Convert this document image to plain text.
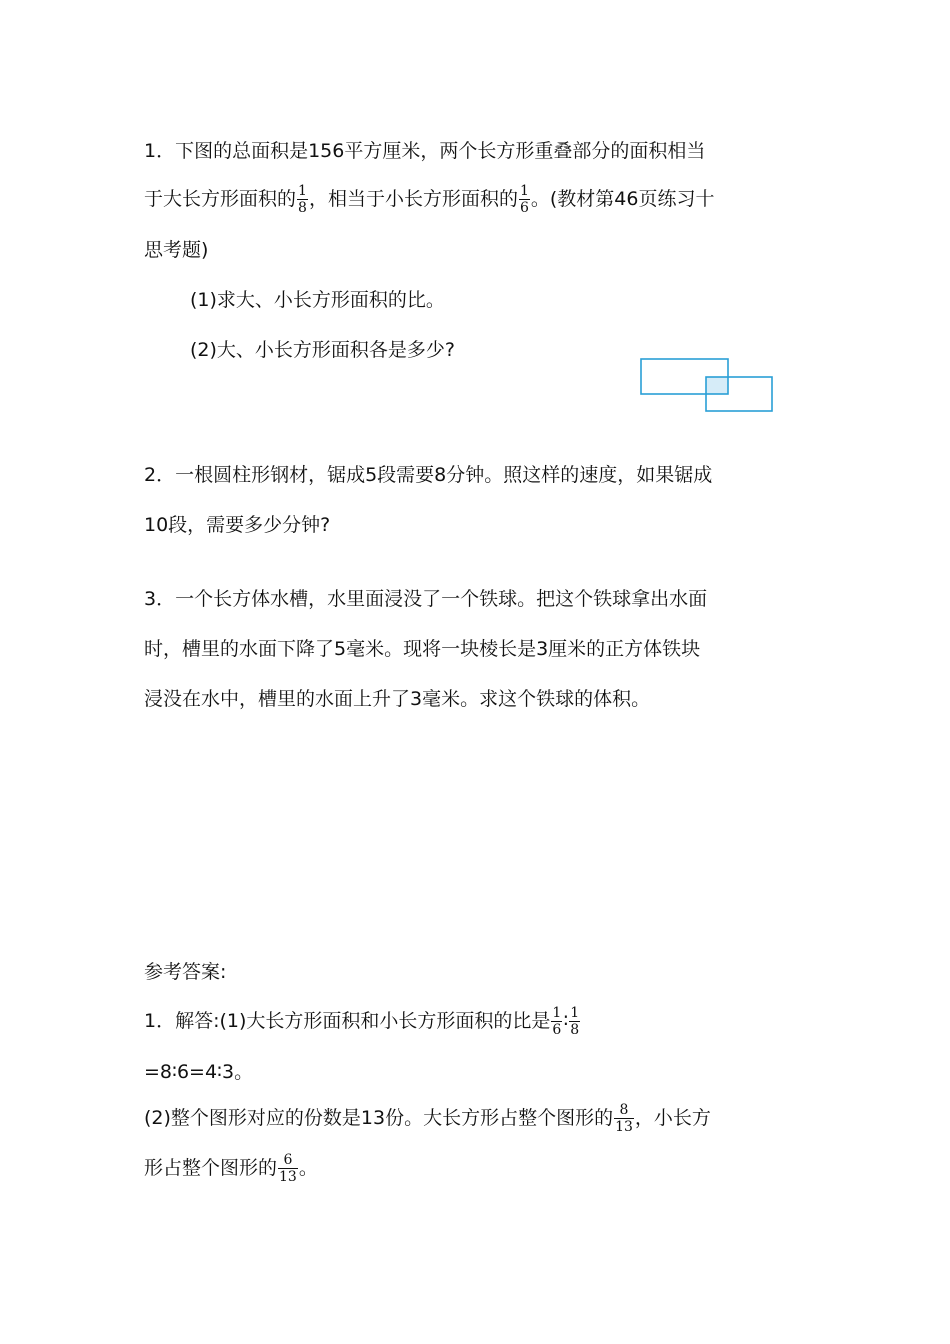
1．下图的总面积是156平方厘米，两个长方形重叠部分的面积相当
于大长方形面积的 $\frac{1}{8}$ ，相当于小长方形面积的 $\frac{1}{6}$ 。(教材第46页练习十
思考题)
(1)求大、小长方形面积的比。
(2)大、小长方形面积各是多少?
2．一根圆柱形钢材，锯成5段需要8分钟。照这样的速度，如果锯成
10段，需要多少分钟?
3．一个长方体水槽，水里面浸没了一个铁球。把这个铁球拿出水面
时，槽里的水面下降了5毫米。现将一块棱长是3厘米的正方体铁块
浸没在水中，槽里的水面上升了3毫米。求这个铁球的体积。
参考答案:
1．解答:(1)大长方形面积和小长方形面积的比是 $\frac{1}{6}$ ∶ $\frac{1}{8}$
=8∶6=4∶3。
(2)整个图形对应的份数是13份。大长方形占整个图形的 $\frac{8}{13}$ ，小长方
形占整个图形的 $\frac{6}{13}$ 。
